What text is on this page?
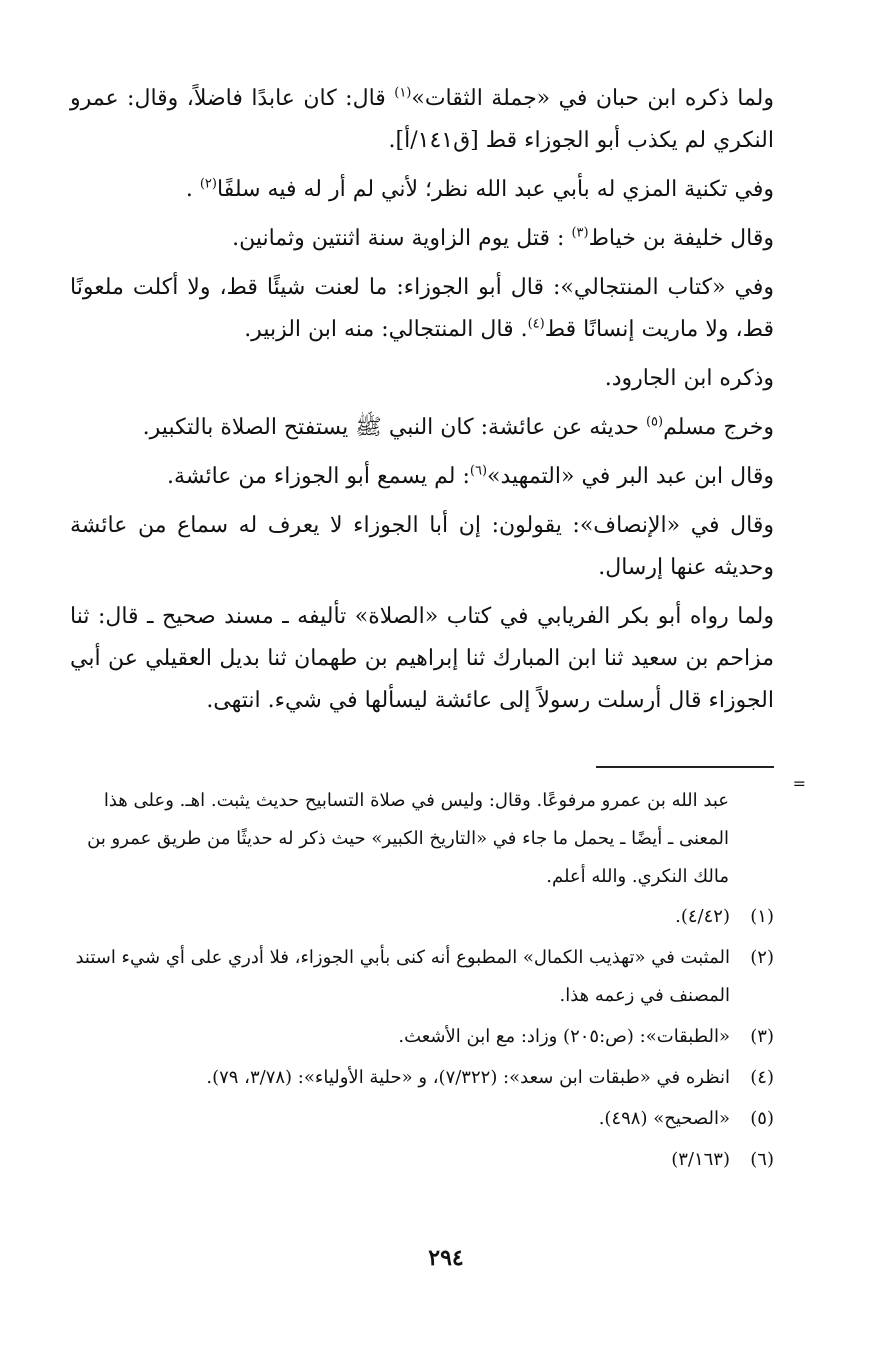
ولما ذكره ابن حبان في «جملة الثقات»$^{(١)}$ قال: كان عابدًا فاضلاً، وقال: عمرو النكري لم يكذب أبو الجوزاء قط [ق١٤١/أ].

وفي تكنية المزي له بأبي عبد الله نظر؛ لأني لم أر له فيه سلفًا$^{(٢)}$ .

وقال خليفة بن خياط$^{(٣)}$ : قتل يوم الزاوية سنة اثنتين وثمانين.

وفي «كتاب المنتجالي»: قال أبو الجوزاء: ما لعنت شيئًا قط، ولا أكلت ملعونًا قط، ولا ماريت إنسانًا قط$^{(٤)}$. قال المنتجالي: منه ابن الزبير.

وذكره ابن الجارود.

وخرج مسلم$^{(٥)}$ حديثه عن عائشة: كان النبي ﷺ يستفتح الصلاة بالتكبير.

وقال ابن عبد البر في «التمهيد»$^{(٦)}$: لم يسمع أبو الجوزاء من عائشة.

وقال في «الإنصاف»: يقولون: إن أبا الجوزاء لا يعرف له سماع من عائشة وحديثه عنها إرسال.

ولما رواه أبو بكر الفريابي في كتاب «الصلاة» تأليفه ـ مسند صحيح ـ قال: ثنا مزاحم بن سعيد ثنا ابن المبارك ثنا إبراهيم بن طهمان ثنا بديل العقيلي عن أبي الجوزاء قال أرسلت رسولاً إلى عائشة ليسألها في شيء. انتهى.

=
عبد الله بن عمرو مرفوعًا. وقال: وليس في صلاة التسابيح حديث يثبت. اهـ. وعلى هذا المعنى ـ أيضًا ـ يحمل ما جاء في «التاريخ الكبير» حيث ذكر له حديثًا من طريق عمرو بن مالك النكري. والله أعلم.
(١)
(٤/٤٢).
(٢)
المثبت في «تهذيب الكمال» المطبوع أنه كنى بأبي الجوزاء، فلا أدري على أي شيء استند المصنف في زعمه هذا.
(٣)
«الطبقات»: (ص:٢٠٥) وزاد: مع ابن الأشعث.
(٤)
انظره في «طبقات ابن سعد»: (٧/٣٢٢)، و «حلية الأولياء»: (٣/٧٨، ٧٩).
(٥)
«الصحيح» (٤٩٨).
(٦)
(٣/١٦٣)
٢٩٤
